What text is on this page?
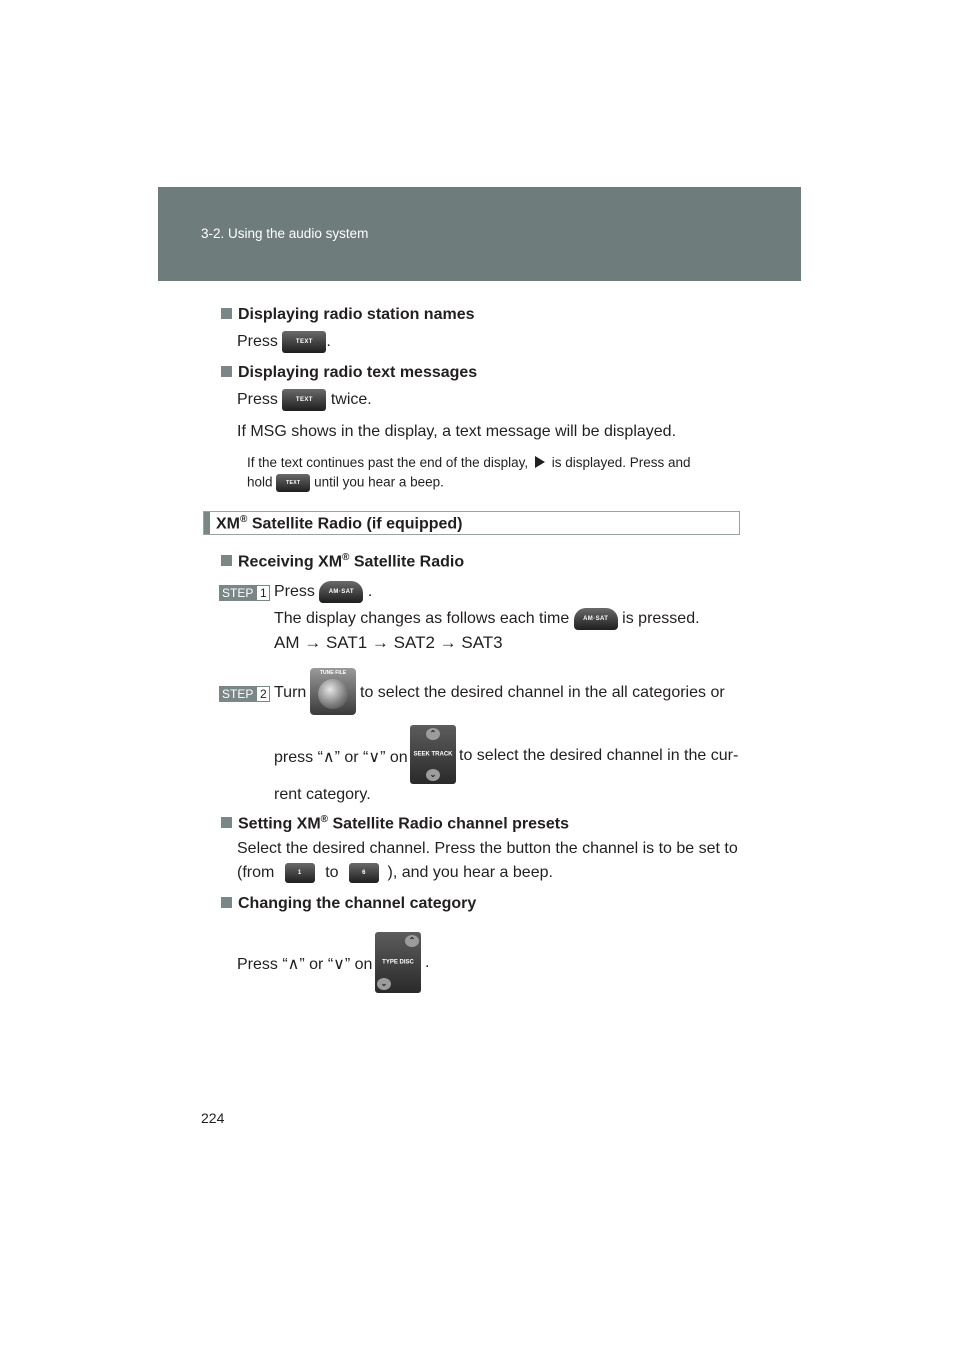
3-2. Using the audio system
Displaying radio station names
Press	TEXT .
Displaying radio text messages
Press	TEXT twice.
If MSG shows in the display, a text message will be displayed.
If the text continues past the end of the display, is displayed. Press and
hold	TEXT until you hear a beep.
XM® Satellite Radio (if equipped)
Receiving XM® Satellite Radio
STEP 1 Press AM·SAT .
The display changes as follows each time AM·SAT is pressed.
AM → SAT1 → SAT2 → SAT3
STEP 2 Turn
TUNE·FILE
to select the desired channel in the all categories or
press “∧” or “∨” on
⌃
SEEK TRACK
⌄
to select the desired channel in the cur-
rent category.
Setting XM® Satellite Radio channel presets
Select the desired channel. Press the button the channel is to be set to
(from	1 to	6 ), and you hear a beep.
Changing the channel category
Press “∧” or “∨” on
⌃
TYPE DISC
⌄
.
224
